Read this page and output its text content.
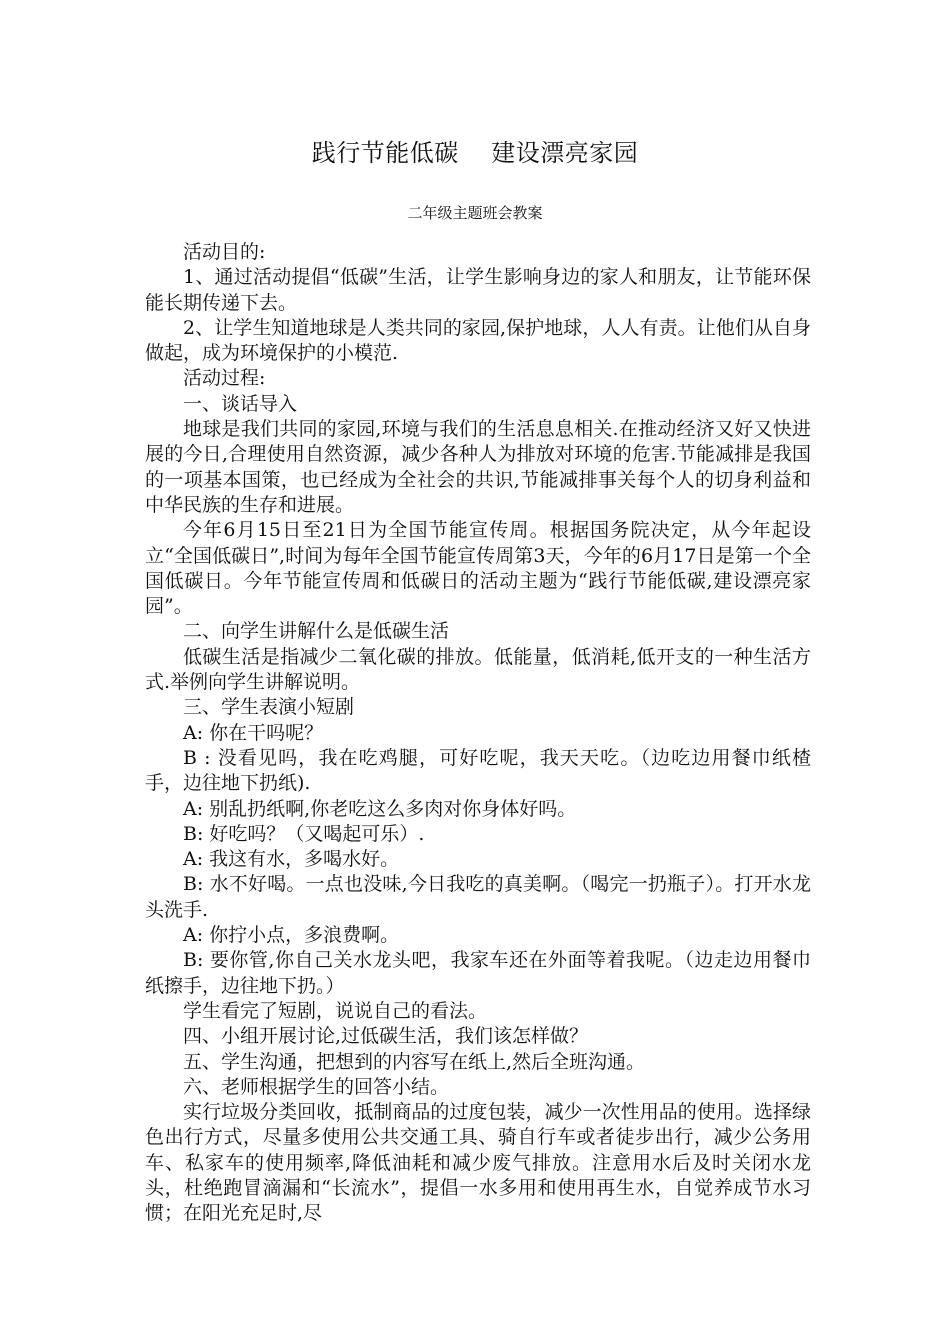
践行节能低碳    建设漂亮家园
二年级主题班会教案

活动目的:

1、通过活动提倡“低碳”生活，让学生影响身边的家人和朋友，让节能环保能长期传递下去。

2、让学生知道地球是人类共同的家园,保护地球，人人有责。让他们从自身做起，成为环境保护的小模范.

活动过程:

一、谈话导入

地球是我们共同的家园,环境与我们的生活息息相关.在推动经济又好又快进展的今日,合理使用自然资源，减少各种人为排放对环境的危害.节能减排是我国的一项基本国策，也已经成为全社会的共识,节能减排事关每个人的切身利益和中华民族的生存和进展。

今年6月15日至21日为全国节能宣传周。根据国务院决定，从今年起设立“全国低碳日”,时间为每年全国节能宣传周第3天，今年的6月17日是第一个全国低碳日。今年节能宣传周和低碳日的活动主题为“践行节能低碳,建设漂亮家园”。

二、向学生讲解什么是低碳生活

低碳生活是指减少二氧化碳的排放。低能量，低消耗,低开支的一种生活方式.举例向学生讲解说明。

三、学生表演小短剧

A: 你在干吗呢？

B : 没看见吗，我在吃鸡腿，可好吃呢，我天天吃。（边吃边用餐巾纸楂手，边往地下扔纸).

A: 别乱扔纸啊,你老吃这么多肉对你身体好吗。

B: 好吃吗？（又喝起可乐）.

A: 我这有水，多喝水好。

B: 水不好喝。一点也没味,今日我吃的真美啊。（喝完一扔瓶子）。打开水龙头洗手.

A: 你拧小点，多浪费啊。

B: 要你管,你自己关水龙头吧，我家车还在外面等着我呢。（边走边用餐巾纸擦手，边往地下扔。）

学生看完了短剧，说说自己的看法。

四、小组开展讨论,过低碳生活，我们该怎样做？

五、学生沟通，把想到的内容写在纸上,然后全班沟通。

六、老师根据学生的回答小结。

实行垃圾分类回收，抵制商品的过度包装，减少一次性用品的使用。选择绿色出行方式，尽量多使用公共交通工具、骑自行车或者徒步出行，减少公务用车、私家车的使用频率,降低油耗和减少废气排放。注意用水后及时关闭水龙头，杜绝跑冒滴漏和“长流水”，提倡一水多用和使用再生水，自觉养成节水习惯；在阳光充足时,尽
